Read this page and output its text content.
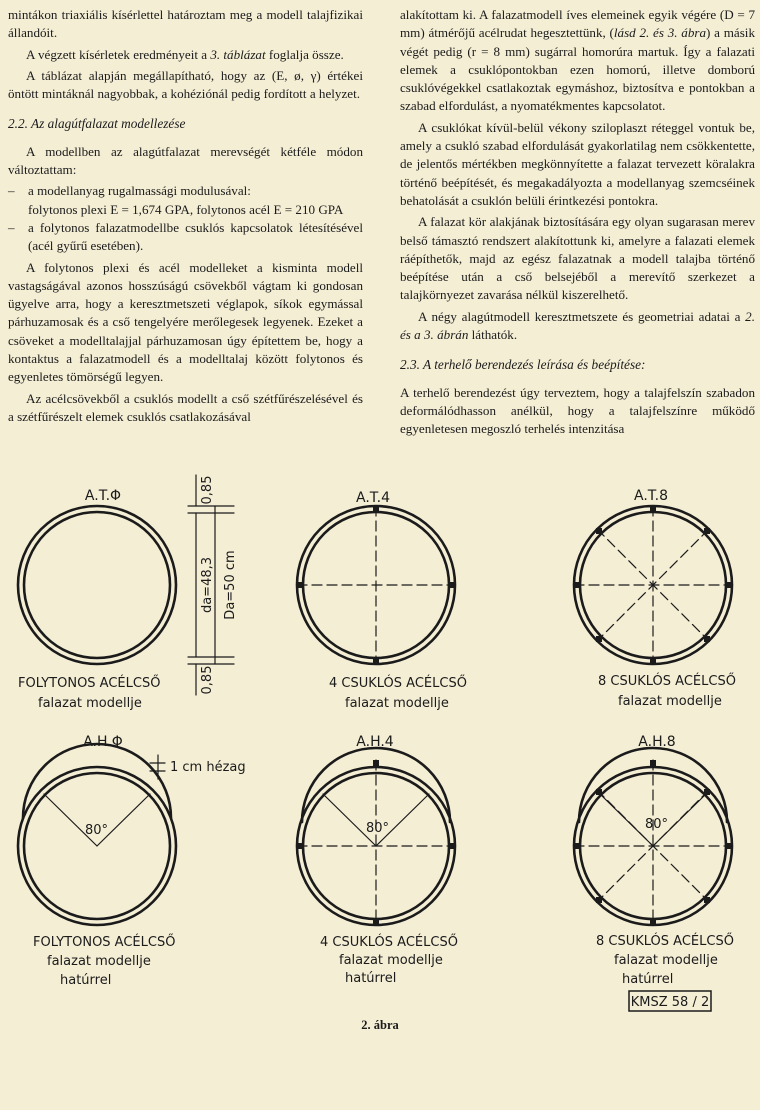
mintákon triaxiális kísérlettel határoztam meg a modell talajfizikai állandóit.

A végzett kísérletek eredményeit a 3. táblázat foglalja össze.

A táblázat alapján megállapítható, hogy az (E, ø, γ) értékei öntött mintáknál nagyobbak, a kohéziónál pedig fordított a helyzet.

2.2. Az alagútfalazat modellezése

A modellben az alagútfalazat merevségét kétféle módon változtattam:

– a modellanyag rugalmassági modulusával:
folytonos plexi E = 1,674 GPA, folytonos acél E = 210 GPA
– a folytonos falazatmodellbe csuklós kapcsolatok létesítésével (acél gyűrű esetében).

A folytonos plexi és acél modelleket a kisminta modell vastagságával azonos hosszúságú csövekből vágtam ki gondosan ügyelve arra, hogy a keresztmetszeti véglapok, síkok egymással párhuzamosak és a cső tengelyére merőlegesek legyenek. Ezeket a csöveket a modelltalajjal párhuzamosan úgy építettem be, hogy a kontaktus a falazatmodell és a modelltalaj között folytonos és egyenletes tömörségű legyen.

Az acélcsövekből a csuklós modellt a cső szétfűrészelésével és a szétfűrészelt elemek csuklós csatlakozásával

alakítottam ki. A falazatmodell íves elemeinek egyik végére (D = 7 mm) átmérőjű acélrudat hegesztettünk, (lásd 2. és 3. ábra) a másik végét pedig (r = 8 mm) sugárral homorúra martuk. Így a falazati elemek a csuklópontokban ezen homorú, illetve domború csuklóvégekkel csatlakoztak egymáshoz, biztosítva e pontokban a szabad elfordulást, a nyomatékmentes kapcsolatot.

A csuklókat kívül-belül vékony sziloplaszt réteggel vontuk be, amely a csukló szabad elfordulását gyakorlatilag nem csökkentette, de jelentős mértékben megkönnyítette a falazat tervezett köralakra történő beépítését, és megakadályozta a modellanyag szemcséinek behatolását a csuklón belüli érintkezési pontokra.

A falazat kör alakjának biztosítására egy olyan sugarasan merev belső támasztó rendszert alakítottunk ki, amelyre a falazati elemek ráépíthetők, majd az egész falazatnak a modell talajba történő beépítése után a cső belsejéből a merevítő szerkezet a talajkörnyezet zavarása nélkül kiszerelhető.

A négy alagútmodell keresztmetszete és geometriai adatai a 2. és a 3. ábrán láthatók.

2.3. A terhelő berendezés leírása és beépítése:

A terhelő berendezést úgy terveztem, hogy a talajfelszín szabadon deformálódhasson anélkül, hogy a talajfelszínre működő egyenletesen megoszló terhelés intenzitása

A.T.Φ	A.T.4	A.T.8
0,85
0,85
da=48,3 Da=50 cm
FOLYTONOS ACÉLCSŐ
falazat modellje
4 CSUKLÓS ACÉLCSŐ
falazat modellje
8 CSUKLÓS ACÉLCSŐ
falazat modellje
A.H.Φ	A.H.4	A.H.8
1 cm hézag
80°	80°	80°
FOLYTONOS ACÉLCSŐ
falazat modellje
hatúrrel
4 CSUKLÓS ACÉLCSŐ
falazat modellje
hatúrrel
8 CSUKLÓS ACÉLCSŐ
falazat modellje
hatúrrel
KMSZ 58 / 2
2. ábra
